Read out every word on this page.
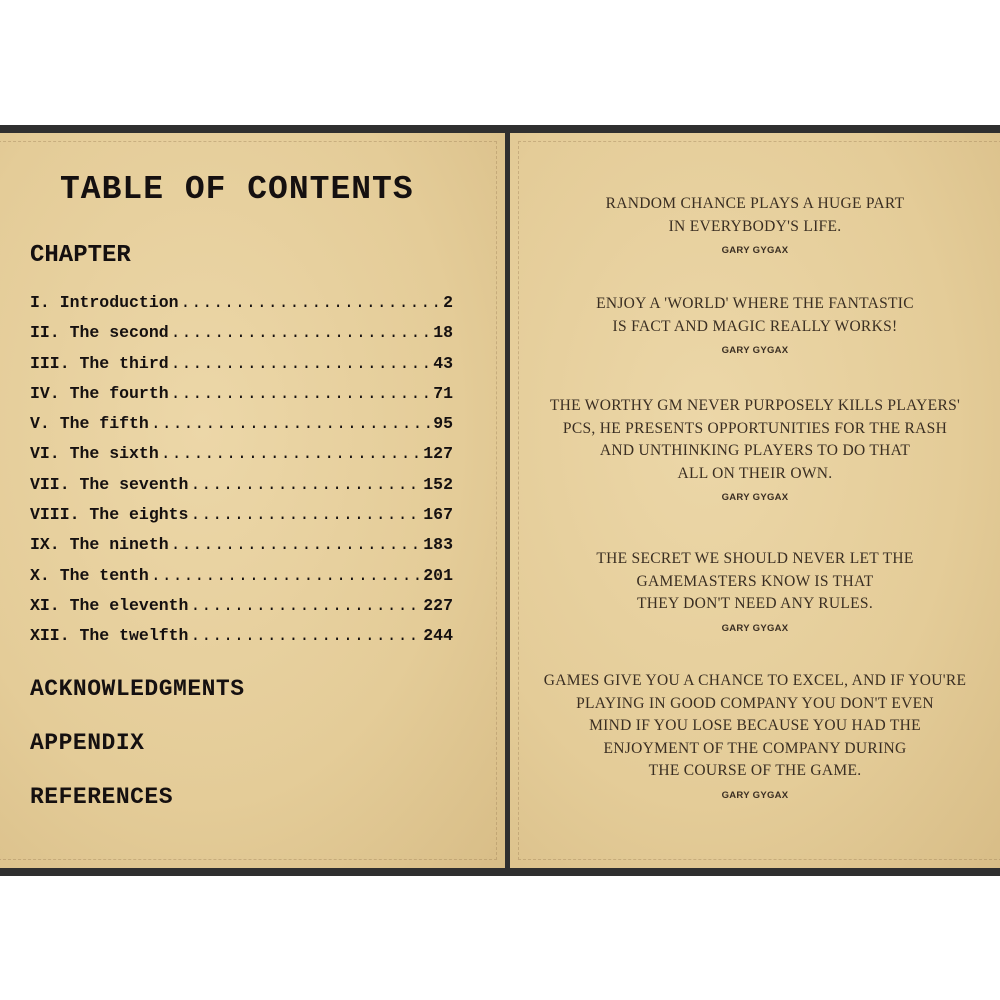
TABLE OF CONTENTS
CHAPTER
I. Introduction .....	2
II. The second .....	18
III. The third .....	43
IV. The fourth .....	71
V. The fifth .....	95
VI. The sixth .....	127
VII. The seventh .....	152
VIII. The eights .....	167
IX. The nineth .....	183
X. The tenth .....	201
XI. The eleventh .....	227
XII. The twelfth .....	244
ACKNOWLEDGMENTS
APPENDIX
REFERENCES
RANDOM CHANCE PLAYS A HUGE PART
IN EVERYBODY'S LIFE.
GARY GYGAX
ENJOY A 'WORLD' WHERE THE FANTASTIC
IS FACT AND MAGIC REALLY WORKS!
GARY GYGAX
THE WORTHY GM NEVER PURPOSELY KILLS PLAYERS'
PCS, HE PRESENTS OPPORTUNITIES FOR THE RASH
AND UNTHINKING PLAYERS TO DO THAT
ALL ON THEIR OWN.
GARY GYGAX
THE SECRET WE SHOULD NEVER LET THE
GAMEMASTERS KNOW IS THAT
THEY DON'T NEED ANY RULES.
GARY GYGAX
GAMES GIVE YOU A CHANCE TO EXCEL, AND IF YOU'RE
PLAYING IN GOOD COMPANY YOU DON'T EVEN
MIND IF YOU LOSE BECAUSE YOU HAD THE
ENJOYMENT OF THE COMPANY DURING
THE COURSE OF THE GAME.
GARY GYGAX
